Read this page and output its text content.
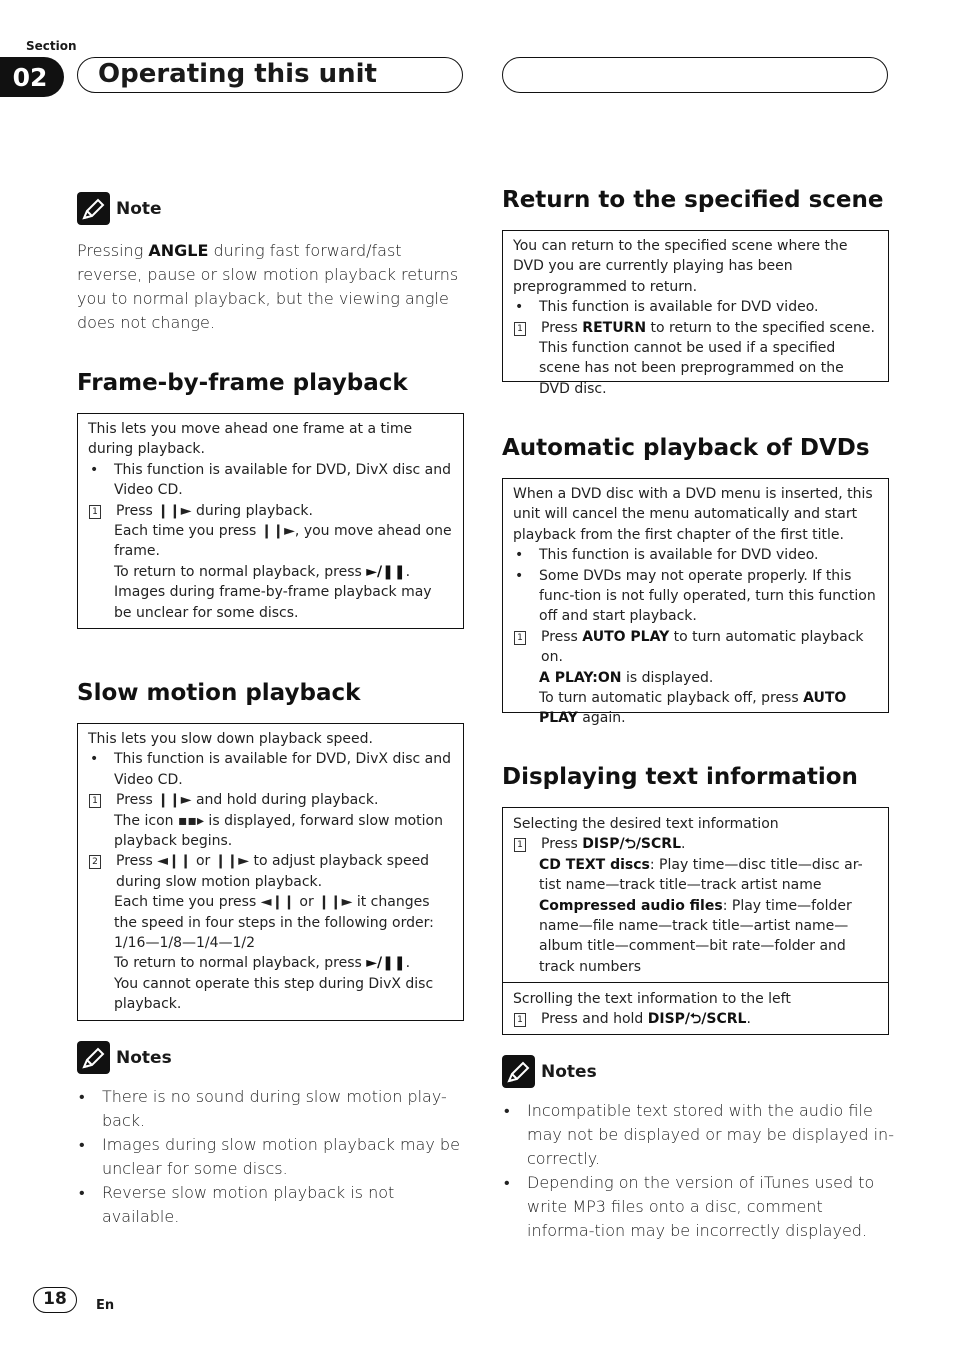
Section
02	Operating this unit
Note

Pressing ANGLE during fast forward/fast reverse, pause or slow motion playback returns you to normal playback, but the viewing angle does not change.

Frame-by-frame playback

This lets you move ahead one frame at a time during playback.

•	This function is available for DVD, DivX disc and Video CD.
1 Press ❙❙► during playback.
Each time you press ❙❙►, you move ahead one frame.
To return to normal playback, press ►/❚❚.
Images during frame-by-frame playback may be unclear for some discs.
Slow motion playback

This lets you slow down playback speed.

•	This function is available for DVD, DivX disc and Video CD.
1 Press ❙❙► and hold during playback.
The icon ▪▪▸ is displayed, forward slow motion playback begins.
2 Press ◄❙❙ or ❙❙► to adjust playback speed during slow motion playback.
Each time you press ◄❙❙ or ❙❙► it changes the speed in four steps in the following order:
1/16—1/8—1/4—1/2
To return to normal playback, press ►/❚❚.
You cannot operate this step during DivX disc playback.
Notes
•	There is no sound during slow motion play-back.
•	Images during slow motion playback may be unclear for some discs.
•	Reverse slow motion playback is not available.
Return to the specified scene

You can return to the specified scene where the DVD you are currently playing has been preprogrammed to return.

•	This function is available for DVD video.
1 Press RETURN to return to the specified scene.
This function cannot be used if a specified scene has not been preprogrammed on the DVD disc.
Automatic playback of DVDs

When a DVD disc with a DVD menu is inserted, this unit will cancel the menu automatically and start playback from the first chapter of the first title.

•	This function is available for DVD video.
•	Some DVDs may not operate properly. If this func-tion is not fully operated, turn this function off and start playback.
1 Press AUTO PLAY to turn automatic playback on.
A PLAY:ON is displayed.
To turn automatic playback off, press AUTO PLAY again.
Displaying text information

Selecting the desired text information

1 Press DISP/⮌/SCRL.
CD TEXT discs: Play time—disc title—disc ar-tist name—track title—track artist name
Compressed audio files: Play time—folder name—file name—track title—artist name—album title—comment—bit rate—folder and track numbers

Scrolling the text information to the left

1 Press and hold DISP/⮌/SCRL.
Notes
•	Incompatible text stored with the audio file may not be displayed or may be displayed in-correctly.
•	Depending on the version of iTunes used to write MP3 files onto a disc, comment informa-tion may be incorrectly displayed.
18	En
